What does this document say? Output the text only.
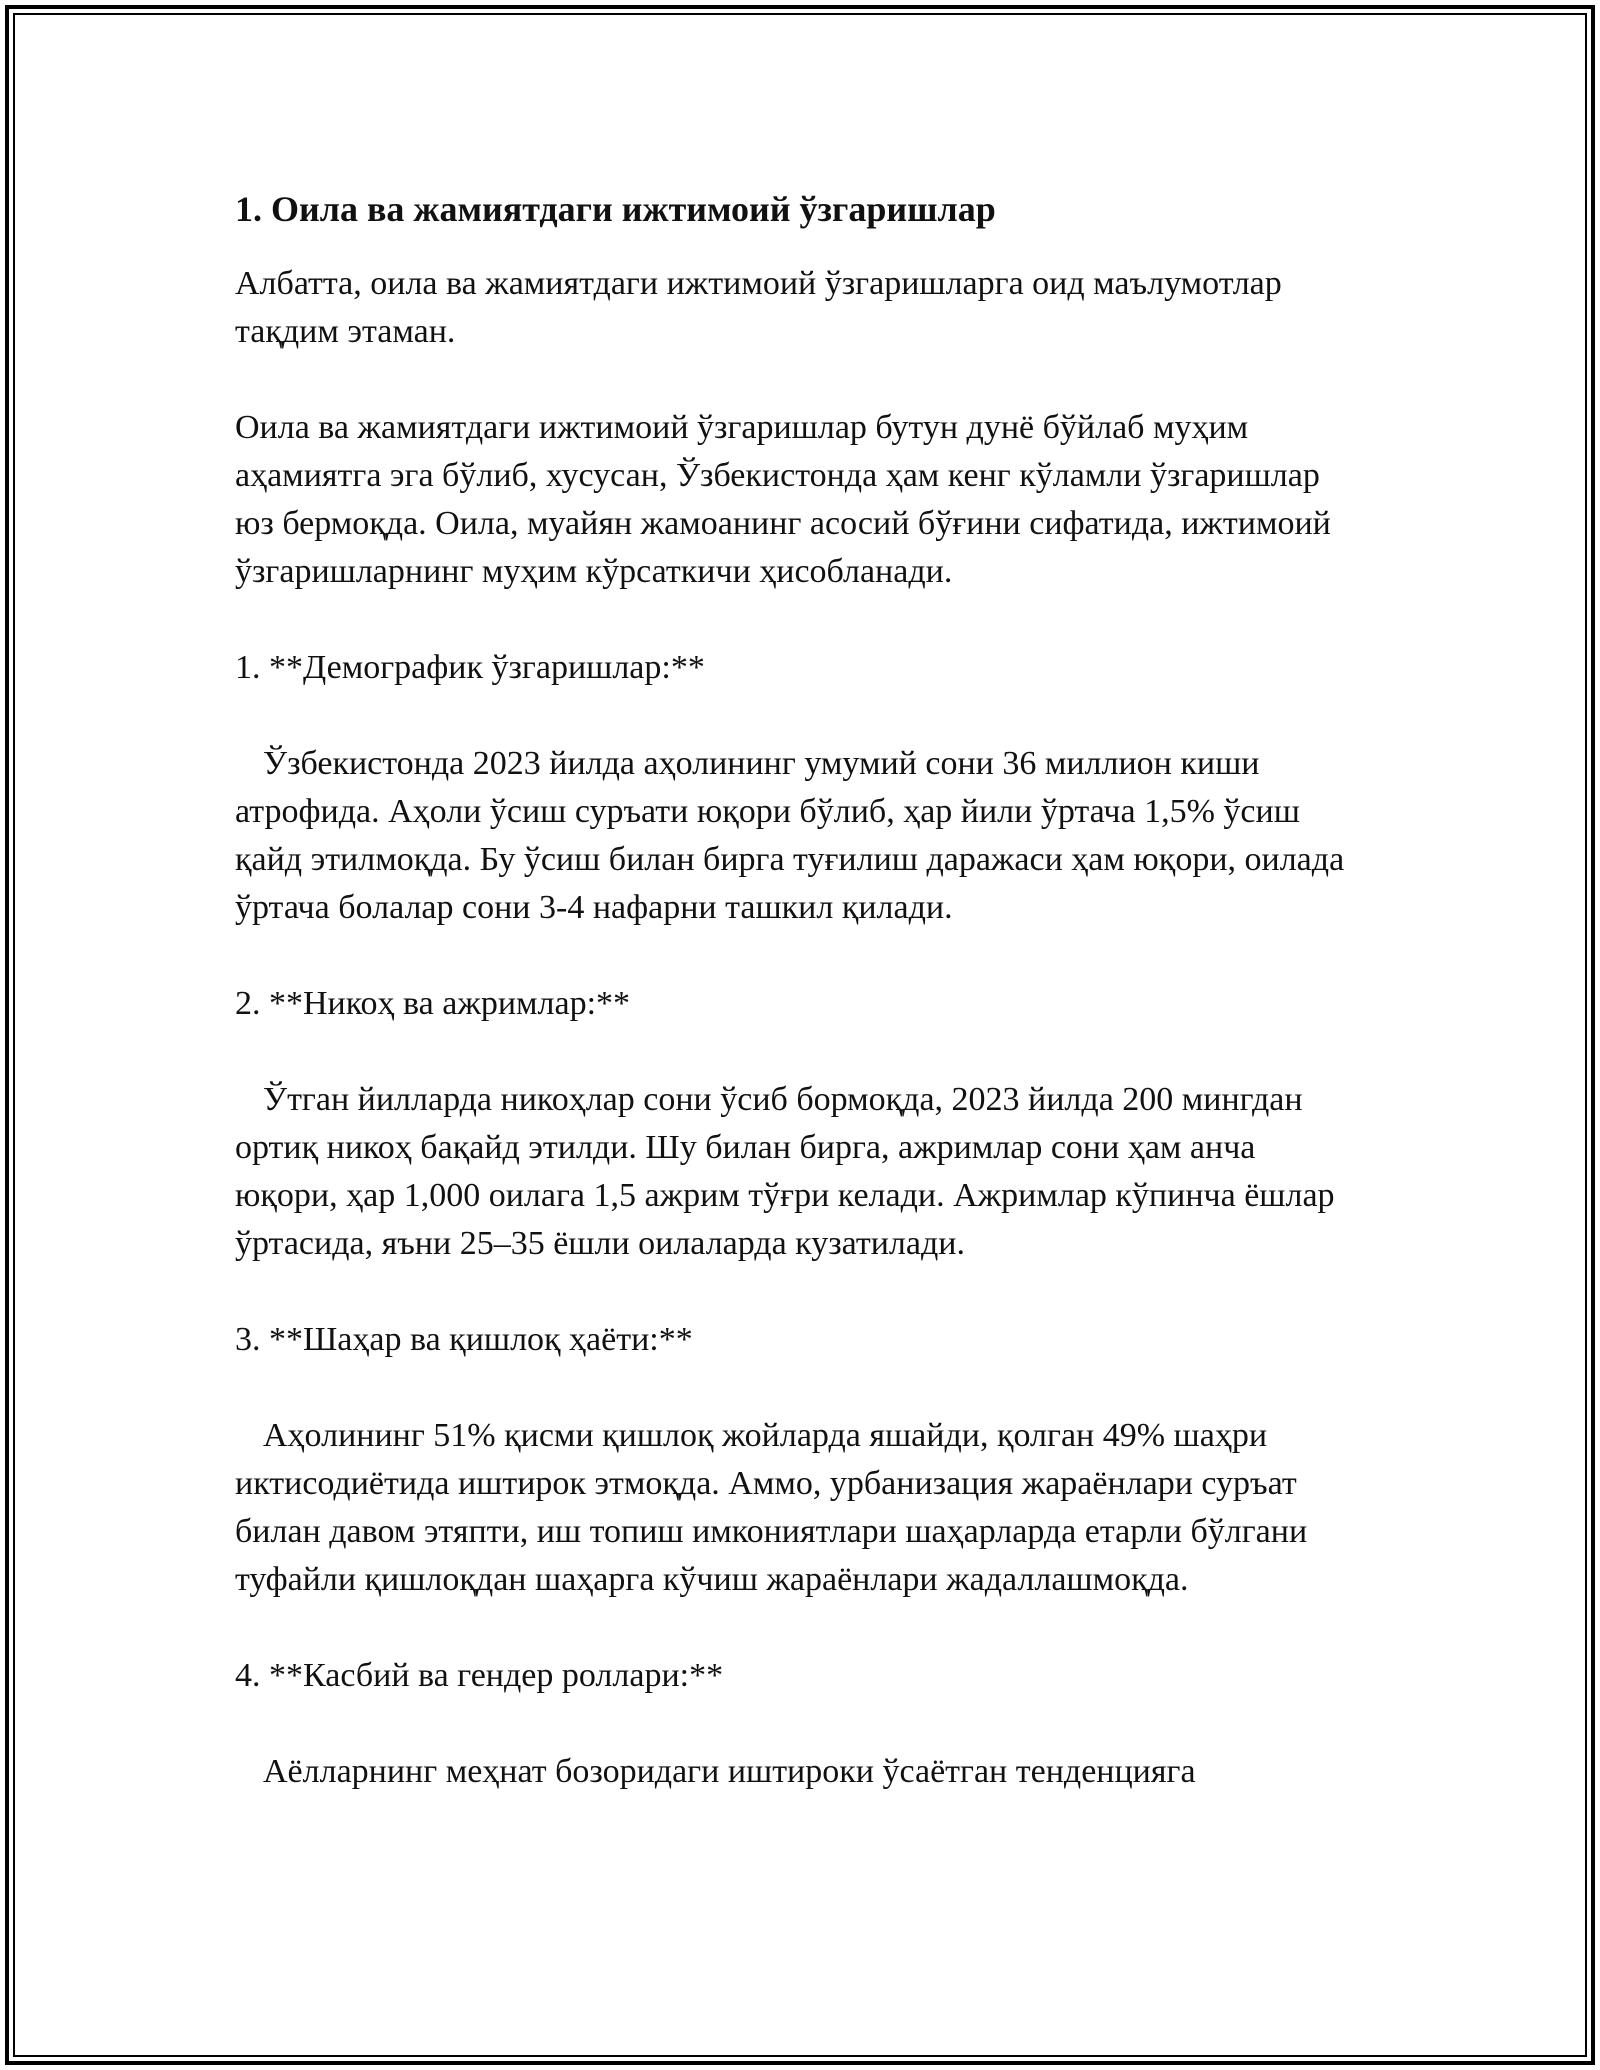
1. Оила ва жамиятдаги ижтимоий ўзгаришлар

Албатта, оила ва жамиятдаги ижтимоий ўзгаришларга оид маълумотлар тақдим этаман.

Оила ва жамиятдаги ижтимоий ўзгаришлар бутун дунё бўйлаб муҳим аҳамиятга эга бўлиб, хусусан, Ўзбекистонда ҳам кенг кўламли ўзгаришлар юз бермоқда. Оила, муайян жамоанинг асосий бўғини сифатида, ижтимоий ўзгаришларнинг муҳим кўрсаткичи ҳисобланади.

1. **Демографик ўзгаришлар:**

Ўзбекистонда 2023 йилда аҳолининг умумий сони 36 миллион киши атрофида. Аҳоли ўсиш суръати юқори бўлиб, ҳар йили ўртача 1,5% ўсиш қайд этилмоқда. Бу ўсиш билан бирга туғилиш даражаси ҳам юқори, оилада ўртача болалар сони 3-4 нафарни ташкил қилади.

2. **Никоҳ ва ажримлар:**

Ўтган йилларда никоҳлар сони ўсиб бормоқда, 2023 йилда 200 мингдан ортиқ никоҳ бақайд этилди. Шу билан бирга, ажримлар сони ҳам анча юқори, ҳар 1,000 оилага 1,5 ажрим тўғри келади. Ажримлар кўпинча ёшлар ўртасида, яъни 25–35 ёшли оилаларда кузатилади.

3. **Шаҳар ва қишлоқ ҳаёти:**

Аҳолининг 51% қисми қишлоқ жойларда яшайди, қолган 49% шаҳри иктисодиётида иштирок этмоқда. Аммо, урбанизация жараёнлари суръат билан давом этяпти, иш топиш имкониятлари шаҳарларда етарли бўлгани туфайли қишлоқдан шаҳарга кўчиш жараёнлари жадаллашмоқда.

4. **Касбий ва гендер роллари:**

Аёлларнинг меҳнат бозоридаги иштироки ўсаётган тенденцияга
